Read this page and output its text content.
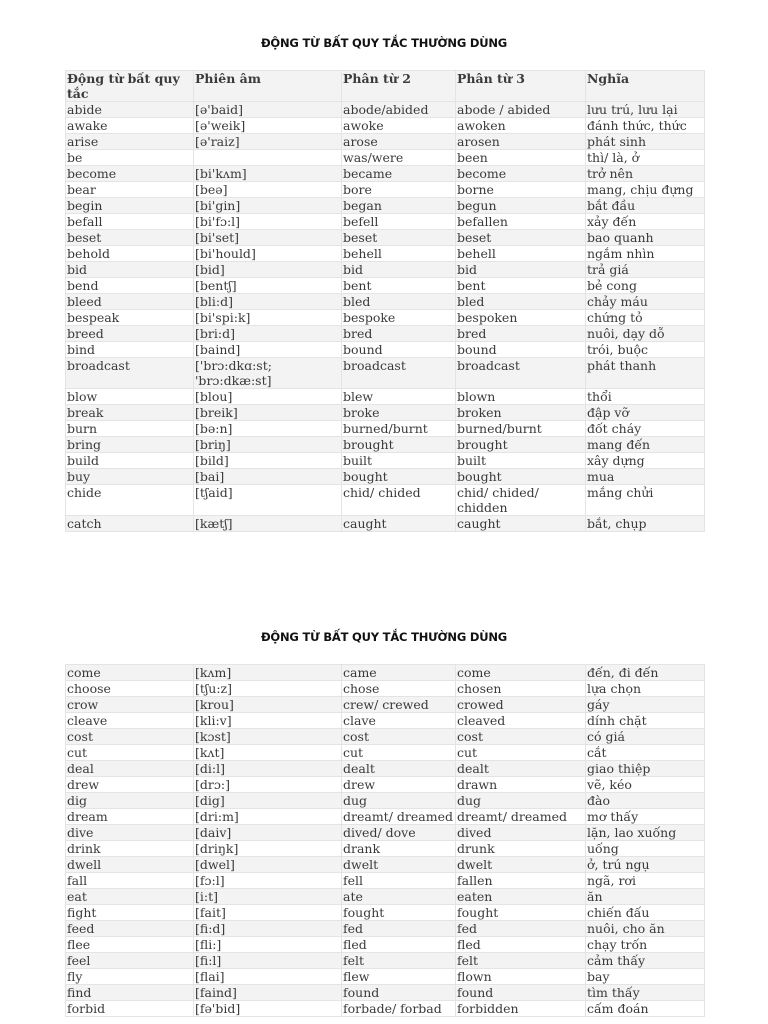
ĐỘNG TỪ BẤT QUY TẮC THƯỜNG DÙNG
Động từ bất quy tắc	Phiên âm	Phân từ 2	Phân từ 3	Nghĩa
abide	[ə'baid]	abode/abided	abode / abided	lưu trú, lưu lại
awake	[ə'weik]	awoke	awoken	đánh thức, thức
arise	[ə'raiz]	arose	arosen	phát sinh
be		was/were	been	thì/ là, ở
become	[bi'kʌm]	became	become	trở nên
bear	[beə]	bore	borne	mang, chịu đựng
begin	[bi'gin]	began	begun	bắt đầu
befall	[bi'fɔ:l]	befell	befallen	xảy đến
beset	[bi'set]	beset	beset	bao quanh
behold	[bi'hould]	behell	behell	ngắm nhìn
bid	[bid]	bid	bid	trả giá
bend	[bentʃ]	bent	bent	bẻ cong
bleed	[bli:d]	bled	bled	chảy máu
bespeak	[bi'spi:k]	bespoke	bespoken	chứng tỏ
breed	[bri:d]	bred	bred	nuôi, dạy dỗ
bind	[baind]	bound	bound	trói, buộc
broadcast	['brɔ:dkɑ:st; 'brɔ:dkæ:st]	broadcast	broadcast	phát thanh
blow	[blou]	blew	blown	thổi
break	[breik]	broke	broken	đập vỡ
burn	[bə:n]	burned/burnt	burned/burnt	đốt cháy
bring	[briŋ]	brought	brought	mang đến
build	[bild]	built	built	xây dựng
buy	[bai]	bought	bought	mua
chide	[tʃaid]	chid/ chided	chid/ chided/ chidden	mắng chửi
catch	[kætʃ]	caught	caught	bắt, chụp
ĐỘNG TỪ BẤT QUY TẮC THƯỜNG DÙNG
come	[kʌm]	came	come	đến, đi đến
choose	[tʃu:z]	chose	chosen	lựa chọn
crow	[krou]	crew/ crewed	crowed	gáy
cleave	[kli:v]	clave	cleaved	dính chặt
cost	[kɔst]	cost	cost	có giá
cut	[kʌt]	cut	cut	cắt
deal	[di:l]	dealt	dealt	giao thiệp
drew	[drɔ:]	drew	drawn	vẽ, kéo
dig	[dig]	dug	dug	đào
dream	[dri:m]	dreamt/ dreamed	dreamt/ dreamed	mơ thấy
dive	[daiv]	dived/ dove	dived	lặn, lao xuống
drink	[driŋk]	drank	drunk	uống
dwell	[dwel]	dwelt	dwelt	ở, trú ngụ
fall	[fɔ:l]	fell	fallen	ngã, rơi
eat	[i:t]	ate	eaten	ăn
fight	[fait]	fought	fought	chiến đấu
feed	[fi:d]	fed	fed	nuôi, cho ăn
flee	[fli:]	fled	fled	chạy trốn
feel	[fi:l]	felt	felt	cảm thấy
fly	[flai]	flew	flown	bay
find	[faind]	found	found	tìm thấy
forbid	[fə'bid]	forbade/ forbad	forbidden	cấm đoán
